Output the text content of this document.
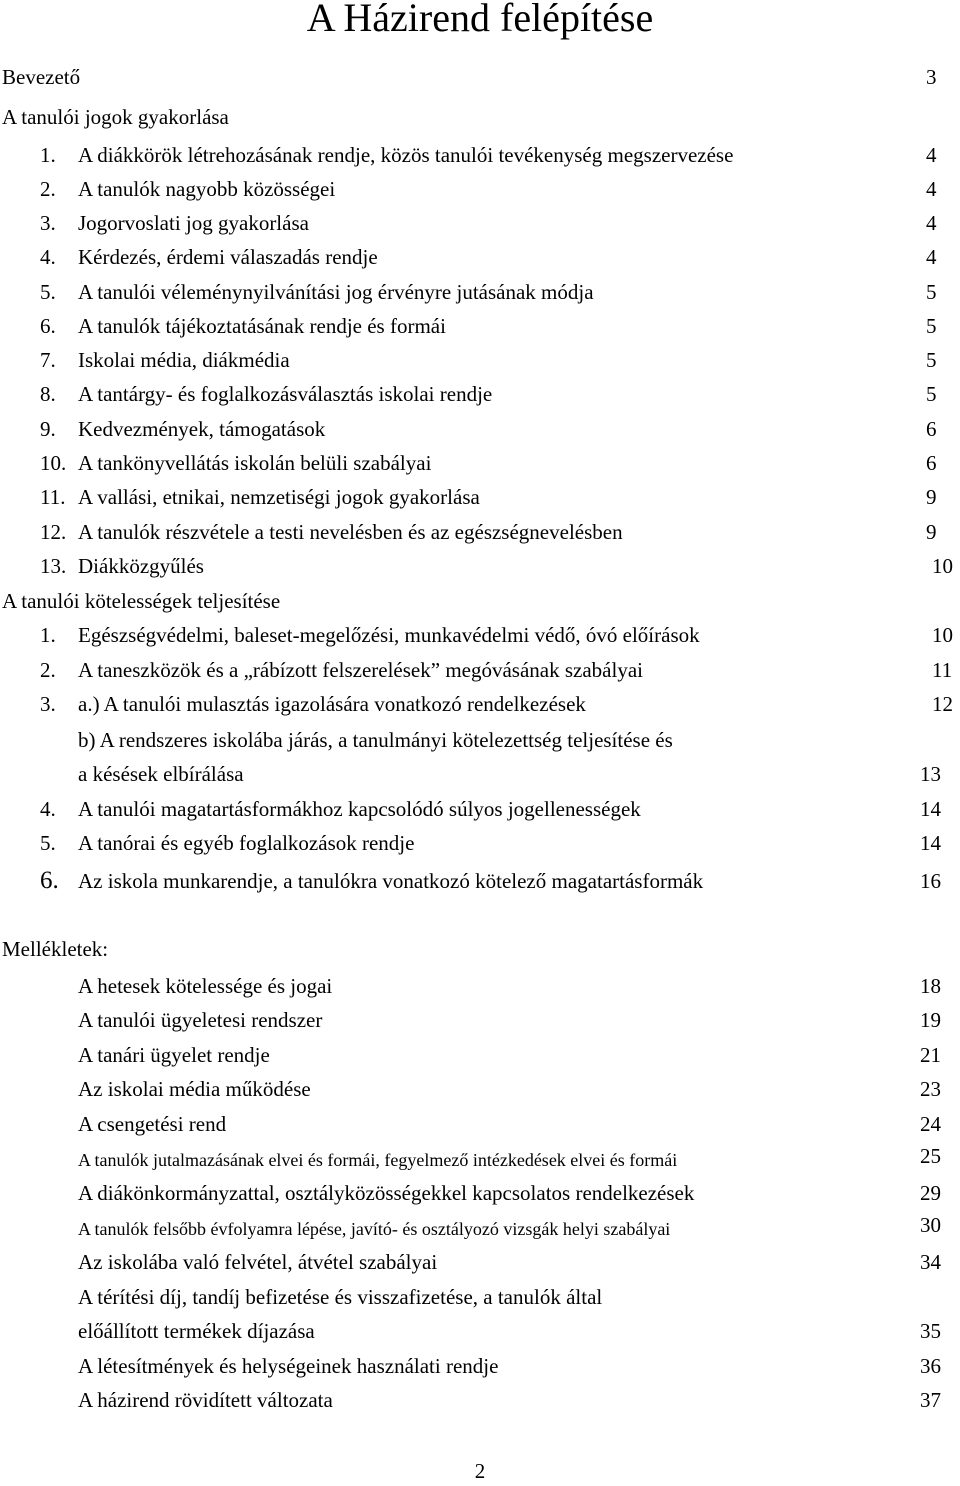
A Házirend felépítése
Bevezető	3
A tanulói jogok gyakorlása
1. A diákkörök létrehozásának rendje, közös tanulói tevékenység megszervezése	4
2. A tanulók nagyobb közösségei	4
3. Jogorvoslati jog gyakorlása	4
4. Kérdezés, érdemi válaszadás rendje	4
5. A tanulói véleménynyilvánítási jog érvényre jutásának módja	5
6. A tanulók tájékoztatásának rendje és formái	5
7. Iskolai média, diákmédia	5
8. A tantárgy- és foglalkozásválasztás iskolai rendje	5
9. Kedvezmények, támogatások	6
10. A tankönyvellátás iskolán belüli szabályai	6
11. A vallási, etnikai, nemzetiségi jogok gyakorlása	9
12. A tanulók részvétele a testi nevelésben és az egészségnevelésben	9
13. Diákközgyűlés	10
A tanulói kötelességek teljesítése
1. Egészségvédelmi, baleset-megelőzési, munkavédelmi védő, óvó előírások	10
2. A taneszközök és a „rábízott felszerelések” megóvásának szabályai	11
3. a.) A tanulói mulasztás igazolására vonatkozó rendelkezések	12
b) A rendszeres iskolába járás, a tanulmányi kötelezettség teljesítése és
a késések elbírálása	13
4. A tanulói magatartásformákhoz kapcsolódó súlyos jogellenességek	14
5. A tanórai és egyéb foglalkozások rendje	14
6. Az iskola munkarendje, a tanulókra vonatkozó kötelező magatartásformák	16
Mellékletek:
A hetesek kötelessége és jogai	18
A tanulói ügyeletesi rendszer	19
A tanári ügyelet rendje	21
Az iskolai média működése	23
A csengetési rend	24
A tanulók jutalmazásának elvei és formái, fegyelmező intézkedések elvei és formái	25
A diákönkormányzattal, osztályközösségekkel kapcsolatos rendelkezések	29
A tanulók felsőbb évfolyamra lépése, javító- és osztályozó vizsgák helyi szabályai	30
Az iskolába való felvétel, átvétel szabályai	34
A térítési díj, tandíj befizetése és visszafizetése, a tanulók által
előállított termékek díjazása	35
A létesítmények és helységeinek használati rendje	36
A házirend rövidített változata	37
2
